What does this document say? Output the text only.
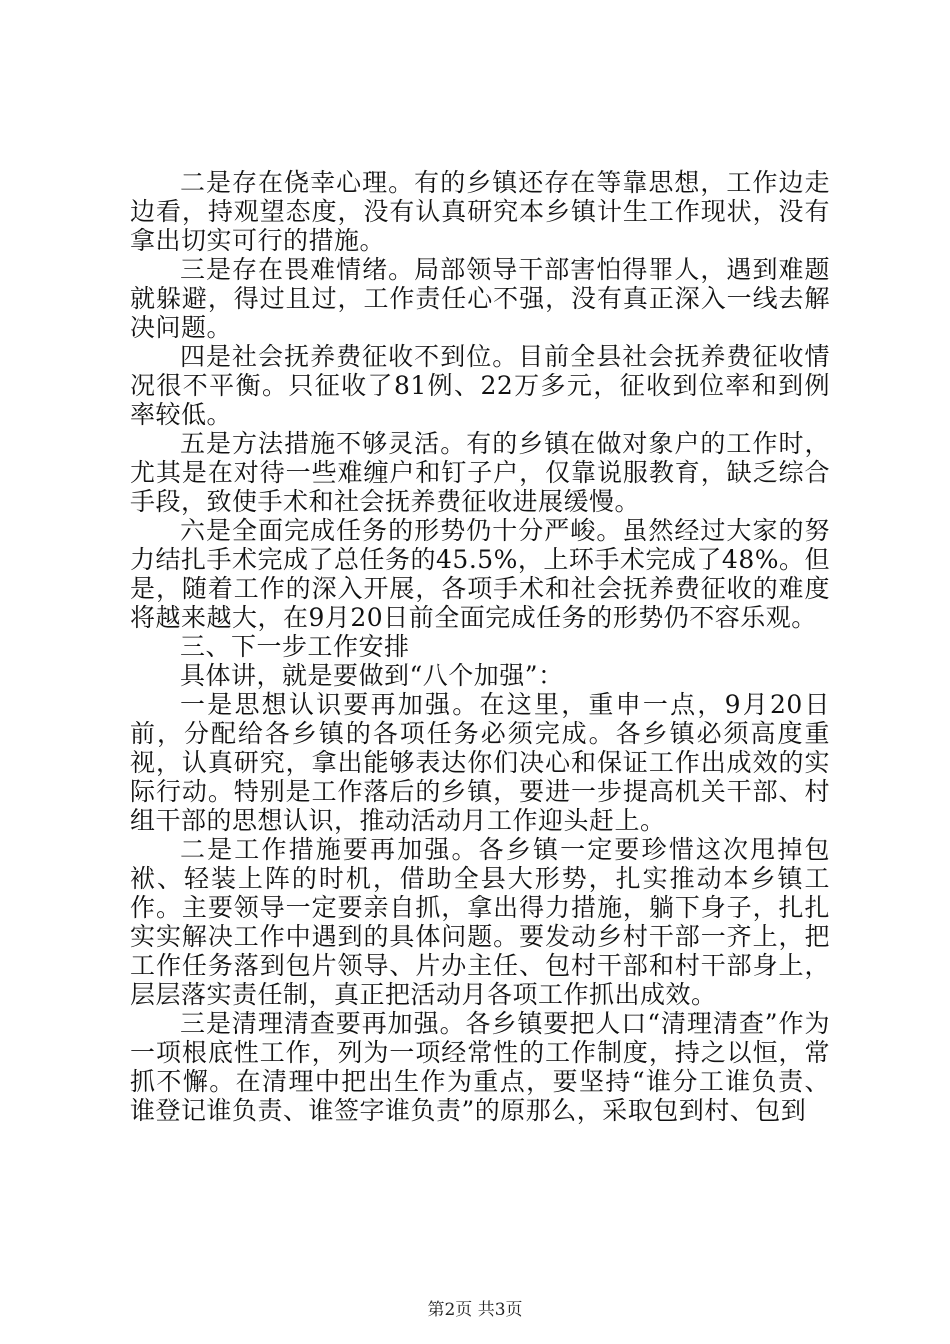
二是存在侥幸心理。有的乡镇还存在等靠思想，工作边走边看，持观望态度，没有认真研究本乡镇计生工作现状，没有拿出切实可行的措施。

三是存在畏难情绪。局部领导干部害怕得罪人，遇到难题就躲避，得过且过，工作责任心不强，没有真正深入一线去解决问题。

四是社会抚养费征收不到位。目前全县社会抚养费征收情况很不平衡。只征收了81例、22万多元，征收到位率和到例率较低。

五是方法措施不够灵活。有的乡镇在做对象户的工作时，尤其是在对待一些难缠户和钉子户，仅靠说服教育，缺乏综合手段，致使手术和社会抚养费征收进展缓慢。

六是全面完成任务的形势仍十分严峻。虽然经过大家的努力结扎手术完成了总任务的45.5%，上环手术完成了48%。但是，随着工作的深入开展，各项手术和社会抚养费征收的难度将越来越大，在9月20日前全面完成任务的形势仍不容乐观。

三、下一步工作安排

具体讲，就是要做到“八个加强”：

一是思想认识要再加强。在这里，重申一点，9月20日前，分配给各乡镇的各项任务必须完成。各乡镇必须高度重视，认真研究，拿出能够表达你们决心和保证工作出成效的实际行动。特别是工作落后的乡镇，要进一步提高机关干部、村组干部的思想认识，推动活动月工作迎头赶上。

二是工作措施要再加强。各乡镇一定要珍惜这次甩掉包袱、轻装上阵的时机，借助全县大形势，扎实推动本乡镇工作。主要领导一定要亲自抓，拿出得力措施，躺下身子，扎扎实实解决工作中遇到的具体问题。要发动乡村干部一齐上，把工作任务落到包片领导、片办主任、包村干部和村干部身上，层层落实责任制，真正把活动月各项工作抓出成效。

三是清理清查要再加强。各乡镇要把人口“清理清查”作为一项根底性工作，列为一项经常性的工作制度，持之以恒，常抓不懈。在清理中把出生作为重点，要坚持“谁分工谁负责、谁登记谁负责、谁签字谁负责”的原那么，采取包到村、包到

第2页 共3页
